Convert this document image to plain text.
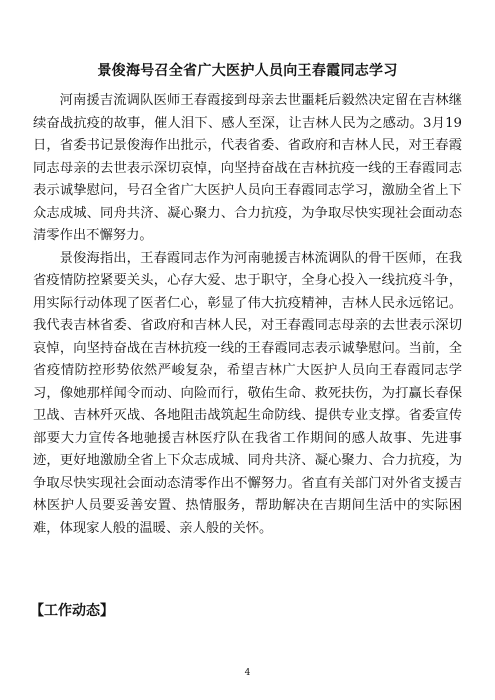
景俊海号召全省广大医护人员向王春霞同志学习

河南援吉流调队医师王春霞接到母亲去世噩耗后毅然决定留在吉林继续奋战抗疫的故事，催人泪下、感人至深，让吉林人民为之感动。3月19日，省委书记景俊海作出批示，代表省委、省政府和吉林人民，对王春霞同志母亲的去世表示深切哀悼，向坚持奋战在吉林抗疫一线的王春霞同志表示诚挚慰问，号召全省广大医护人员向王春霞同志学习，激励全省上下众志成城、同舟共济、凝心聚力、合力抗疫，为争取尽快实现社会面动态清零作出不懈努力。

景俊海指出，王春霞同志作为河南驰援吉林流调队的骨干医师，在我省疫情防控紧要关头，心存大爱、忠于职守，全身心投入一线抗疫斗争，用实际行动体现了医者仁心，彰显了伟大抗疫精神，吉林人民永远铭记。我代表吉林省委、省政府和吉林人民，对王春霞同志母亲的去世表示深切哀悼，向坚持奋战在吉林抗疫一线的王春霞同志表示诚挚慰问。当前，全省疫情防控形势依然严峻复杂，希望吉林广大医护人员向王春霞同志学习，像她那样闻令而动、向险而行，敬佑生命、救死扶伤，为打赢长春保卫战、吉林歼灭战、各地阻击战筑起生命防线、提供专业支撑。省委宣传部要大力宣传各地驰援吉林医疗队在我省工作期间的感人故事、先进事迹，更好地激励全省上下众志成城、同舟共济、凝心聚力、合力抗疫，为争取尽快实现社会面动态清零作出不懈努力。省直有关部门对外省支援吉林医护人员要妥善安置、热情服务，帮助解决在吉期间生活中的实际困难，体现家人般的温暖、亲人般的关怀。

【工作动态】
4
